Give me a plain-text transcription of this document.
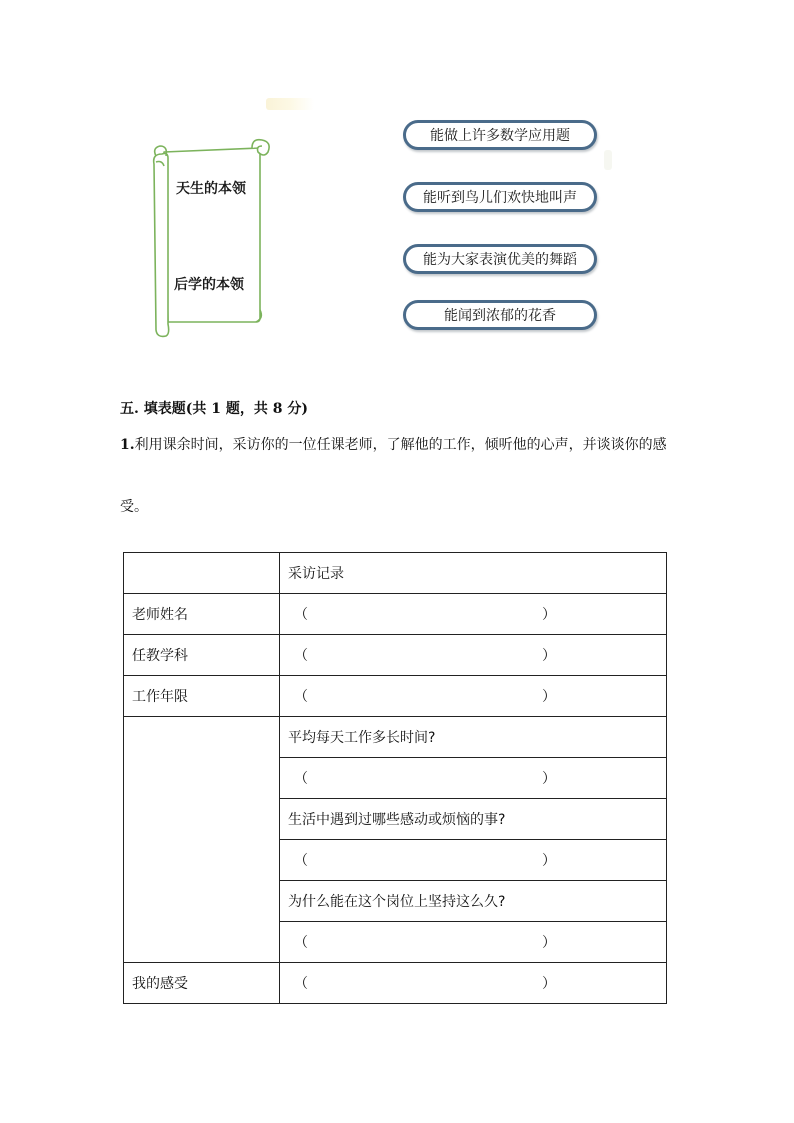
天生的本领
后学的本领
能做上许多数学应用题
能听到鸟儿们欢快地叫声
能为大家表演优美的舞蹈
能闻到浓郁的花香
五. 填表题(共 1 题，共 8 分)
1.利用课余时间，采访你的一位任课老师，了解他的工作，倾听他的心声，并谈谈你的感受。
	采访记录
老师姓名	（ ）

任教学科	（ ）

工作年限	（ ）

	平均每天工作多长时间?

	（ ）

	生活中遇到过哪些感动或烦恼的事?

	（ ）

	为什么能在这个岗位上坚持这么久?

	（ ）

我的感受	（ ）
